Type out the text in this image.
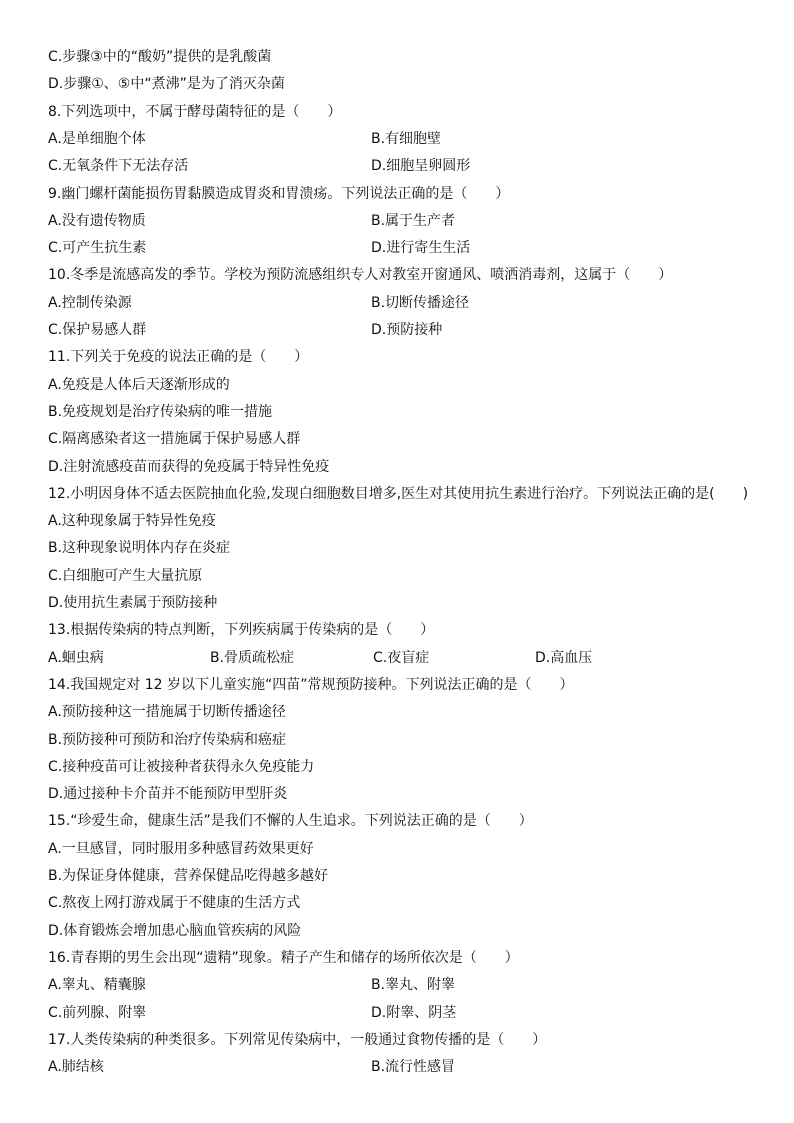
C.步骤③中的“酸奶”提供的是乳酸菌
D.步骤①、⑤中“煮沸”是为了消灭杂菌
8.下列选项中，不属于酵母菌特征的是（　　）
A.是单细胞个体	B.有细胞壁
C.无氧条件下无法存活	D.细胞呈卵圆形
9.幽门螺杆菌能损伤胃黏膜造成胃炎和胃溃疡。下列说法正确的是（　　）
A.没有遗传物质	B.属于生产者
C.可产生抗生素	D.进行寄生生活
10.冬季是流感高发的季节。学校为预防流感组织专人对教室开窗通风、喷洒消毒剂，这属于（　　）
A.控制传染源	B.切断传播途径
C.保护易感人群	D.预防接种
11.下列关于免疫的说法正确的是（　　）
A.免疫是人体后天逐渐形成的
B.免疫规划是治疗传染病的唯一措施
C.隔离感染者这一措施属于保护易感人群
D.注射流感疫苗而获得的免疫属于特异性免疫
12.小明因身体不适去医院抽血化验,发现白细胞数目增多,医生对其使用抗生素进行治疗。下列说法正确的是(　　)
A.这种现象属于特异性免疫
B.这种现象说明体内存在炎症
C.白细胞可产生大量抗原
D.使用抗生素属于预防接种
13.根据传染病的特点判断，下列疾病属于传染病的是（　　）
A.蛔虫病	B.骨质疏松症	C.夜盲症	D.高血压
14.我国规定对 12 岁以下儿童实施“四苗”常规预防接种。下列说法正确的是（　　）
A.预防接种这一措施属于切断传播途径
B.预防接种可预防和治疗传染病和癌症
C.接种疫苗可让被接种者获得永久免疫能力
D.通过接种卡介苗并不能预防甲型肝炎
15.“珍爱生命，健康生活”是我们不懈的人生追求。下列说法正确的是（　　）
A.一旦感冒，同时服用多种感冒药效果更好
B.为保证身体健康，营养保健品吃得越多越好
C.熬夜上网打游戏属于不健康的生活方式
D.体育锻炼会增加患心脑血管疾病的风险
16.青春期的男生会出现“遗精”现象。精子产生和储存的场所依次是（　　）
A.睾丸、精囊腺	B.睾丸、附睾
C.前列腺、附睾	D.附睾、阴茎
17.人类传染病的种类很多。下列常见传染病中，一般通过食物传播的是（　　）
A.肺结核	B.流行性感冒
